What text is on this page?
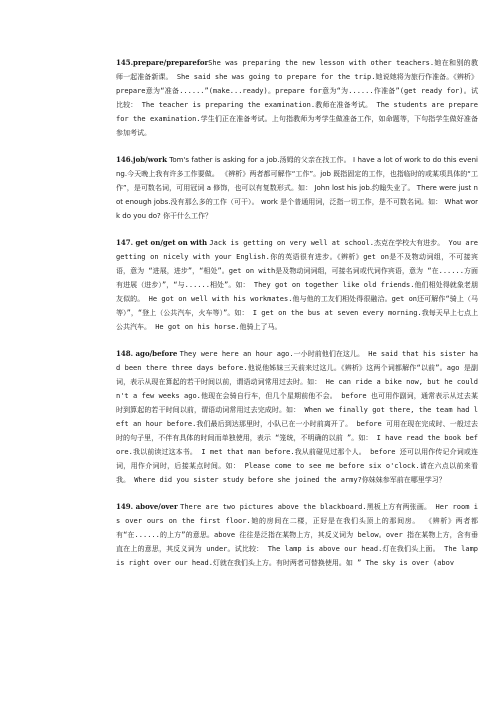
145.prepare/prepareforShe was preparing the new lesson with other teachers.她在和别的教师一起准备新课。 She said she was going to prepare for the trip.她说她将为旅行作准备。《辨析》prepare意为“准备......”(make...ready)。prepare for意为“为......作准备”(get ready for)。试比较： The teacher is preparing the examination.教师在准备考试。 The students are prepare for the examination.学生们正在准备考试。上句指教师为考学生做准备工作，如命题等，下句指学生做好准备参加考试。

146.job/work Tom's father is asking for a job.汤姆的父亲在找工作。 I have a lot of work to do this evening.今天晚上我有许多工作要做。 《辨析》两者都可解作“工作”。job 既指固定的工作，也指临时的或某项具体的“工作”，是可数名词，可用冠词 a 修饰，也可以有复数形式。如： John lost his job.约翰失业了。 There were just not enough jobs.没有那么多的工作（可干）。 work 是个普通用词，泛指一切工作，是不可数名词。如： What work do you do? 你干什么工作？

147. get on/get on with Jack is getting on very well at school.杰克在学校大有进步。 You are getting on nicely with your English.你的英语很有进步。《辨析》get on是不及物动词组，不可接宾语，意为 “进展，进步”，“相处”。get on with是及物动词词组，可接名词或代词作宾语，意为 “在......方面有进展（进步）”，“与......相处”。如： They got on together like old friends.他们相处得就象老朋友似的。 He got on well with his workmates.他与他的工友们相处得很融洽。get on还可解作“骑上（马等）”，“登上（公共汽车，火车等）”。如： I get on the bus at seven every morning.我每天早上七点上公共汽车。 He got on his horse.他骑上了马。

148. ago/before They were here an hour ago.一小时前他们在这儿。 He said that his sister had been there three days before.他说他姊妹三天前来过这儿。《辨析》这两个词都解作“以前”。ago 是副词，表示从现在算起的若干时间以前，谓语动词常用过去时。如： He can ride a bike now, but he couldn't a few weeks ago.他现在会骑自行车，但几个星期前他不会。 before 也可用作副词，通常表示从过去某时到算起的若干时间以前，谓语动词常用过去完成时。如： When we finally got there, the team had left an hour before.我们最后到达那里时，小队已在一小时前离开了。 before 可用在现在完成时、一般过去时的句子里，不伴有具体的时间而单独使用，表示 “笼统，不明确的以前 ”。如： I have read the book before.我以前读过这本书。 I met that man before.我从前碰见过那个人。 before 还可以用作传记介词或连词，用作介词时，后接某点时间。如： Please come to see me before six o'clock.请在六点以前来看我。 Where did you sister study before she joined the army?你妹妹参军前在哪里学习？

149. above/over There are two pictures above the blackboard.黑板上方有两张画。 Her room is over ours on the first floor.她的房间在二楼，正好是在我们头顶上的那间房。 《辨析》两者都有“在......的上方”的意思。above 往往是泛指在某物上方，其反义词为 below。over 指在某物上方，含有垂直在上的意思，其反义词为 under。试比较： The lamp is above our head.灯在我们头上面。 The lamp is right over our head.灯就在我们头上方。有时两者可替换使用。如 ” The sky is over (abov
